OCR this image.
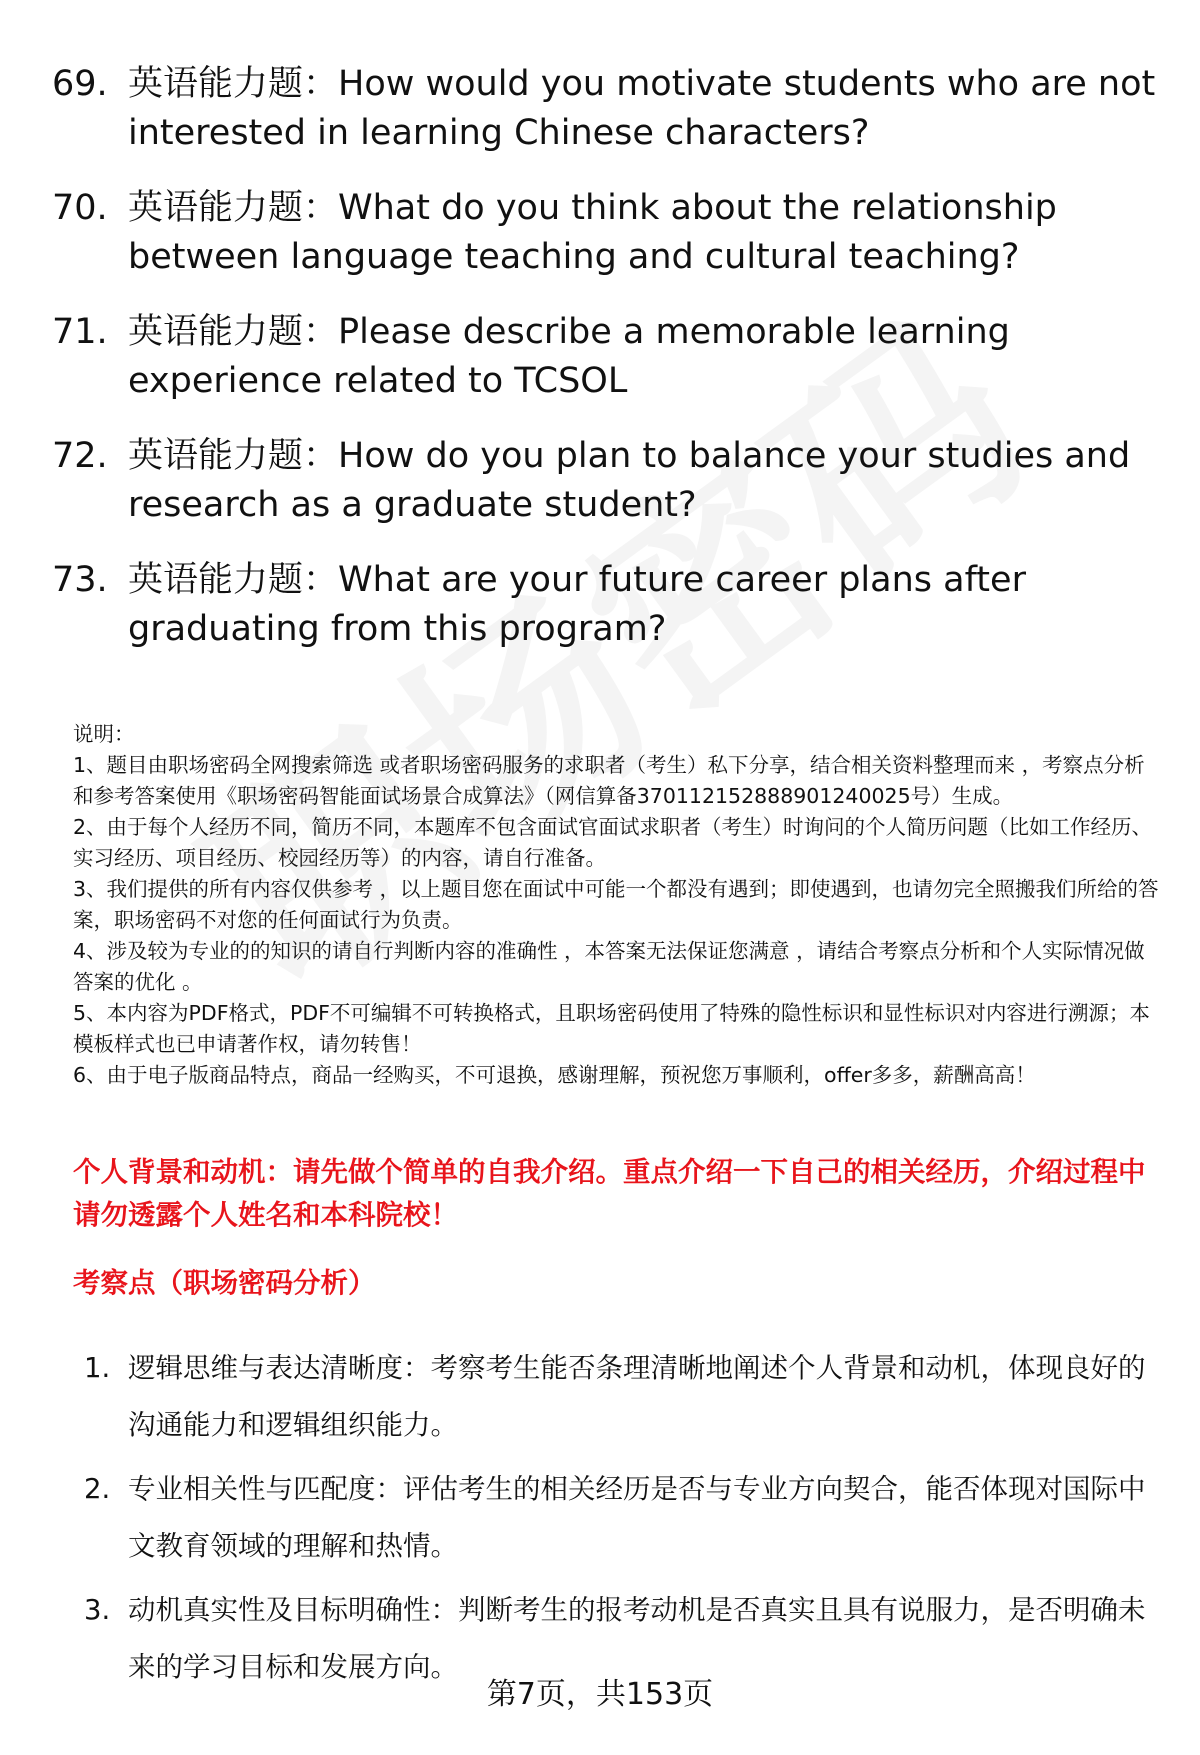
69. 英语能力题：How would you motivate students who are not interested in learning Chinese characters?
70. 英语能力题：What do you think about the relationship between language teaching and cultural teaching?
71. 英语能力题：Please describe a memorable learning experience related to TCSOL
72. 英语能力题：How do you plan to balance your studies and research as a graduate student?
73. 英语能力题：What are your future career plans after graduating from this program?

说明：

1、题目由职场密码全网搜索筛选 或者职场密码服务的求职者（考生）私下分享，结合相关资料整理而来 ，考察点分析和参考答案使用《职场密码智能面试场景合成算法》（网信算备370112152888901240025号）生成。

2、由于每个人经历不同，简历不同，本题库不包含面试官面试求职者（考生）时询问的个人简历问题（比如工作经历、实习经历、项目经历、校园经历等）的内容，请自行准备。

3、我们提供的所有内容仅供参考 ，以上题目您在面试中可能一个都没有遇到；即使遇到，也请勿完全照搬我们所给的答案，职场密码不对您的任何面试行为负责。

4、涉及较为专业的的知识的请自行判断内容的准确性 ，本答案无法保证您满意 ，请结合考察点分析和个人实际情况做答案的优化 。

5、本内容为PDF格式，PDF不可编辑不可转换格式，且职场密码使用了特殊的隐性标识和显性标识对内容进行溯源；本模板样式也已申请著作权，请勿转售！

6、由于电子版商品特点，商品一经购买，不可退换，感谢理解，预祝您万事顺利，offer多多，薪酬高高！

个人背景和动机：请先做个简单的自我介绍。重点介绍一下自己的相关经历，介绍过程中请勿透露个人姓名和本科院校！
考察点（职场密码分析）
1. 逻辑思维与表达清晰度：考察考生能否条理清晰地阐述个人背景和动机，体现良好的沟通能力和逻辑组织能力。
2. 专业相关性与匹配度：评估考生的相关经历是否与专业方向契合，能否体现对国际中文教育领域的理解和热情。
3. 动机真实性及目标明确性：判断考生的报考动机是否真实且具有说服力，是否明确未来的学习目标和发展方向。
第7页，共153页
